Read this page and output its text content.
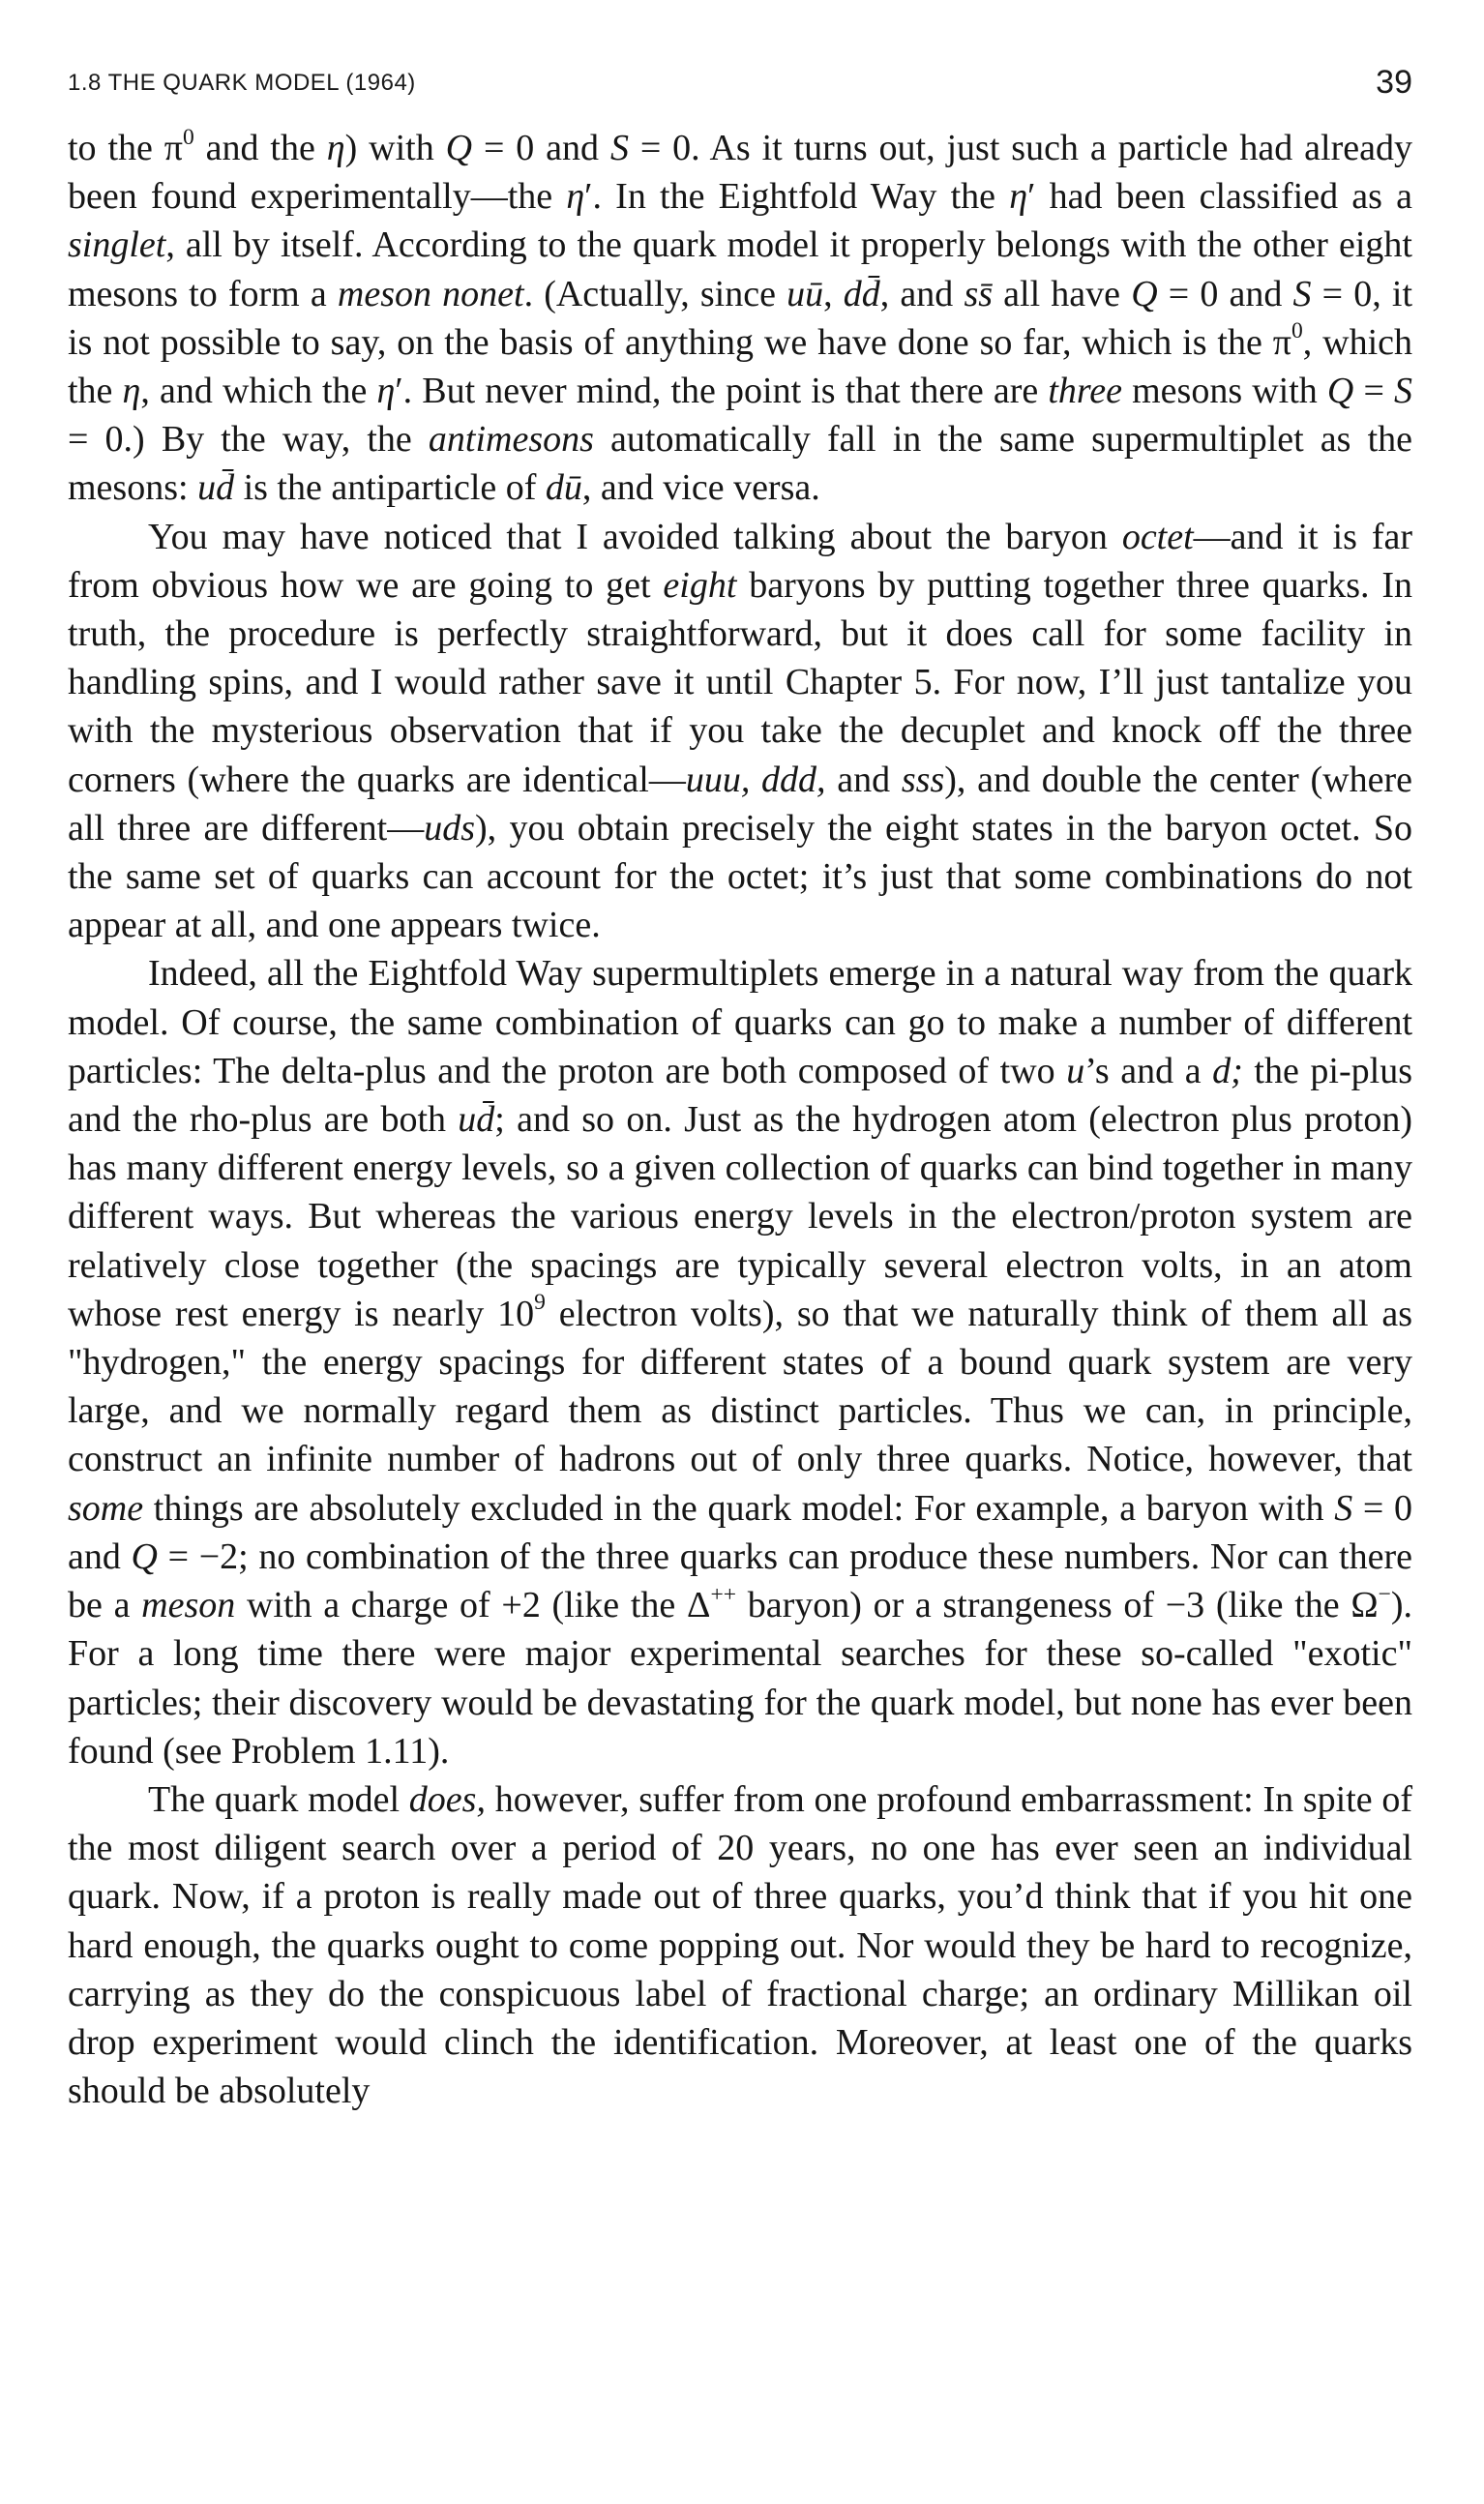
1.8 THE QUARK MODEL (1964)	39

to the $\pi^0$ and the η) with Q = 0 and S = 0. As it turns out, just such a particle had already been found experimentally—the η′. In the Eightfold Way the η′ had been classified as a singlet, all by itself. According to the quark model it properly belongs with the other eight mesons to form a meson nonet. (Actually, since uū, dd̄, and ss̄ all have Q = 0 and S = 0, it is not possible to say, on the basis of anything we have done so far, which is the $\pi^0$, which the η, and which the η′. But never mind, the point is that there are three mesons with Q = S = 0.) By the way, the antimesons automatically fall in the same supermultiplet as the mesons: ud̄ is the antiparticle of dū, and vice versa.

You may have noticed that I avoided talking about the baryon octet—and it is far from obvious how we are going to get eight baryons by putting together three quarks. In truth, the procedure is perfectly straightforward, but it does call for some facility in handling spins, and I would rather save it until Chapter 5. For now, I’ll just tantalize you with the mysterious observation that if you take the decuplet and knock off the three corners (where the quarks are identical—uuu, ddd, and sss), and double the center (where all three are different—uds), you obtain precisely the eight states in the baryon octet. So the same set of quarks can account for the octet; it’s just that some combinations do not appear at all, and one appears twice.

Indeed, all the Eightfold Way supermultiplets emerge in a natural way from the quark model. Of course, the same combination of quarks can go to make a number of different particles: The delta-plus and the proton are both composed of two u’s and a d; the pi-plus and the rho-plus are both ud̄; and so on. Just as the hydrogen atom (electron plus proton) has many different energy levels, so a given collection of quarks can bind together in many different ways. But whereas the various energy levels in the electron/proton system are relatively close together (the spacings are typically several electron volts, in an atom whose rest energy is nearly $10^9$ electron volts), so that we naturally think of them all as "hydrogen," the energy spacings for different states of a bound quark system are very large, and we normally regard them as distinct particles. Thus we can, in principle, construct an infinite number of hadrons out of only three quarks. Notice, however, that some things are absolutely excluded in the quark model: For example, a baryon with S = 0 and Q = −2; no combination of the three quarks can produce these numbers. Nor can there be a meson with a charge of +2 (like the Δ++ baryon) or a strangeness of −3 (like the Ω−). For a long time there were major experimental searches for these so-called "exotic" particles; their discovery would be devastating for the quark model, but none has ever been found (see Problem 1.11).

The quark model does, however, suffer from one profound embarrassment: In spite of the most diligent search over a period of 20 years, no one has ever seen an individual quark. Now, if a proton is really made out of three quarks, you’d think that if you hit one hard enough, the quarks ought to come popping out. Nor would they be hard to recognize, carrying as they do the conspicuous label of fractional charge; an ordinary Millikan oil drop experiment would clinch the identification. Moreover, at least one of the quarks should be absolutely
